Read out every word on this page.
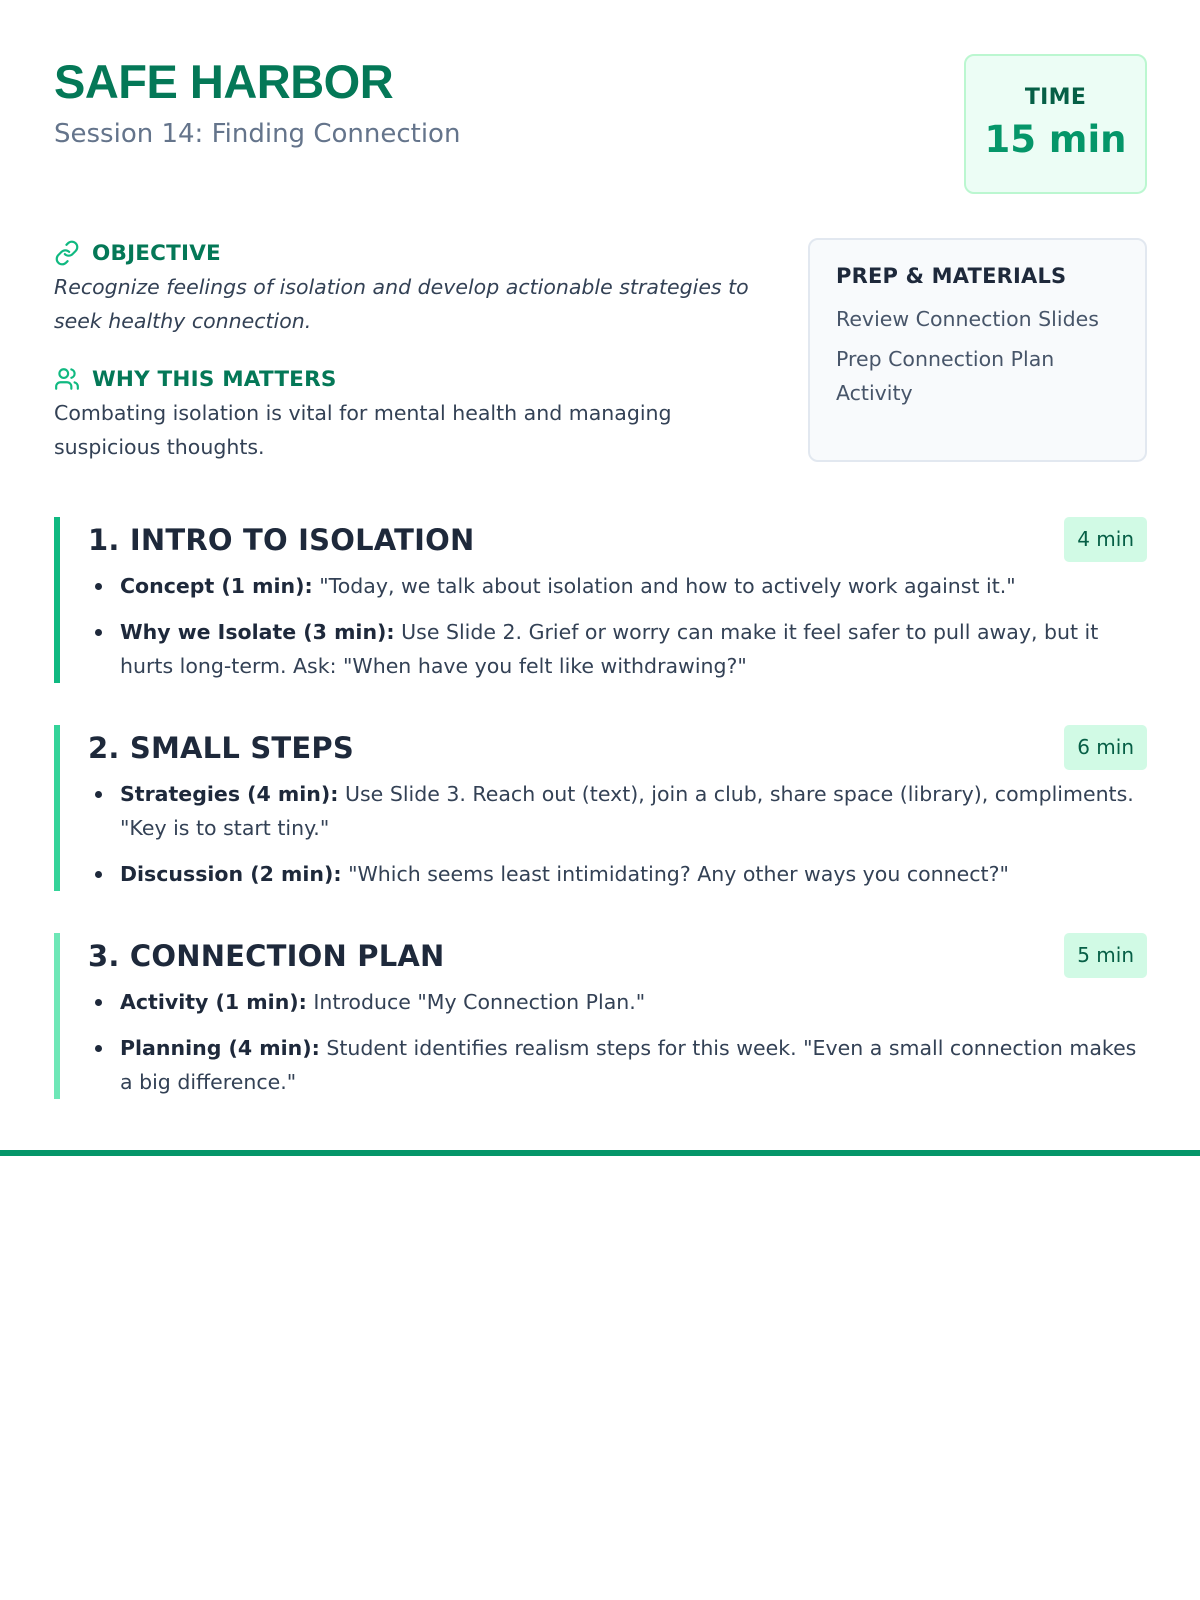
SAFE HARBOR

Session 14: Finding Connection

TIME
15 min
OBJECTIVE

Recognize feelings of isolation and develop actionable strategies to seek healthy connection.

WHY THIS MATTERS

Combating isolation is vital for mental health and managing suspicious thoughts.

PREP & MATERIALS
Review Connection Slides
Prep Connection Plan Activity
1. INTRO TO ISOLATION	4 min
Concept (1 min): "Today, we talk about isolation and how to actively work against it."
Why we Isolate (3 min): Use Slide 2. Grief or worry can make it feel safer to pull away, but it hurts long-term. Ask: "When have you felt like withdrawing?"
2. SMALL STEPS	6 min
Strategies (4 min): Use Slide 3. Reach out (text), join a club, share space (library), compliments. "Key is to start tiny."
Discussion (2 min): "Which seems least intimidating? Any other ways you connect?"
3. CONNECTION PLAN	5 min
Activity (1 min): Introduce "My Connection Plan."
Planning (4 min): Student identifies realism steps for this week. "Even a small connection makes a big difference."
